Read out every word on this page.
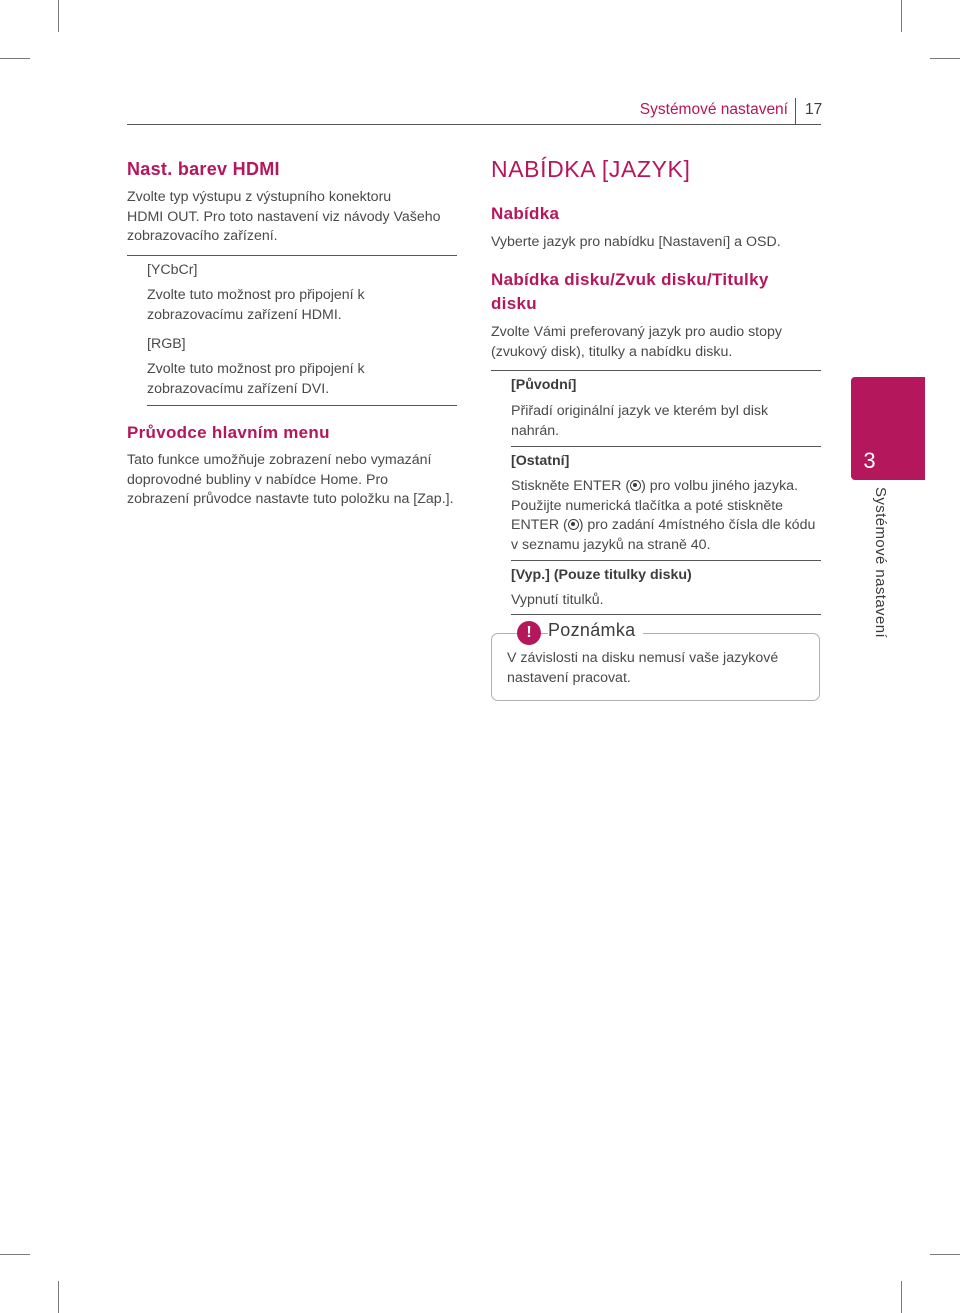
Systémové nastavení 17
Nast. barev HDMI
Zvolte typ výstupu z výstupního konektoru
HDMI OUT. Pro toto nastavení viz návody Vašeho
zobrazovacího zařízení.
[YCbCr]
Zvolte tuto možnost pro připojení k
zobrazovacímu zařízení HDMI.
[RGB]
Zvolte tuto možnost pro připojení k
zobrazovacímu zařízení DVI.
Průvodce hlavním menu
Tato funkce umožňuje zobrazení nebo vymazání
doprovodné bubliny v nabídce Home. Pro
zobrazení průvodce nastavte tuto položku na [Zap.].
NABÍDKA [JAZYK]
Nabídka
Vyberte jazyk pro nabídku [Nastavení] a OSD.
Nabídka disku/Zvuk disku/Titulky
disku
Zvolte Vámi preferovaný jazyk pro audio stopy
(zvukový disk), titulky a nabídku disku.
[Původní]
Přiřadí originální jazyk ve kterém byl disk
nahrán.
[Ostatní]
Stiskněte ENTER ( ) pro volbu jiného jazyka.
Použijte numerická tlačítka a poté stiskněte
ENTER ( ) pro zadání 4místného čísla dle kódu
v seznamu jazyků na straně 40.
[Vyp.] (Pouze titulky disku)
Vypnutí titulků.
! Poznámka
V závislosti na disku nemusí vaše jazykové
nastavení pracovat.
3
Systémové nastavení
